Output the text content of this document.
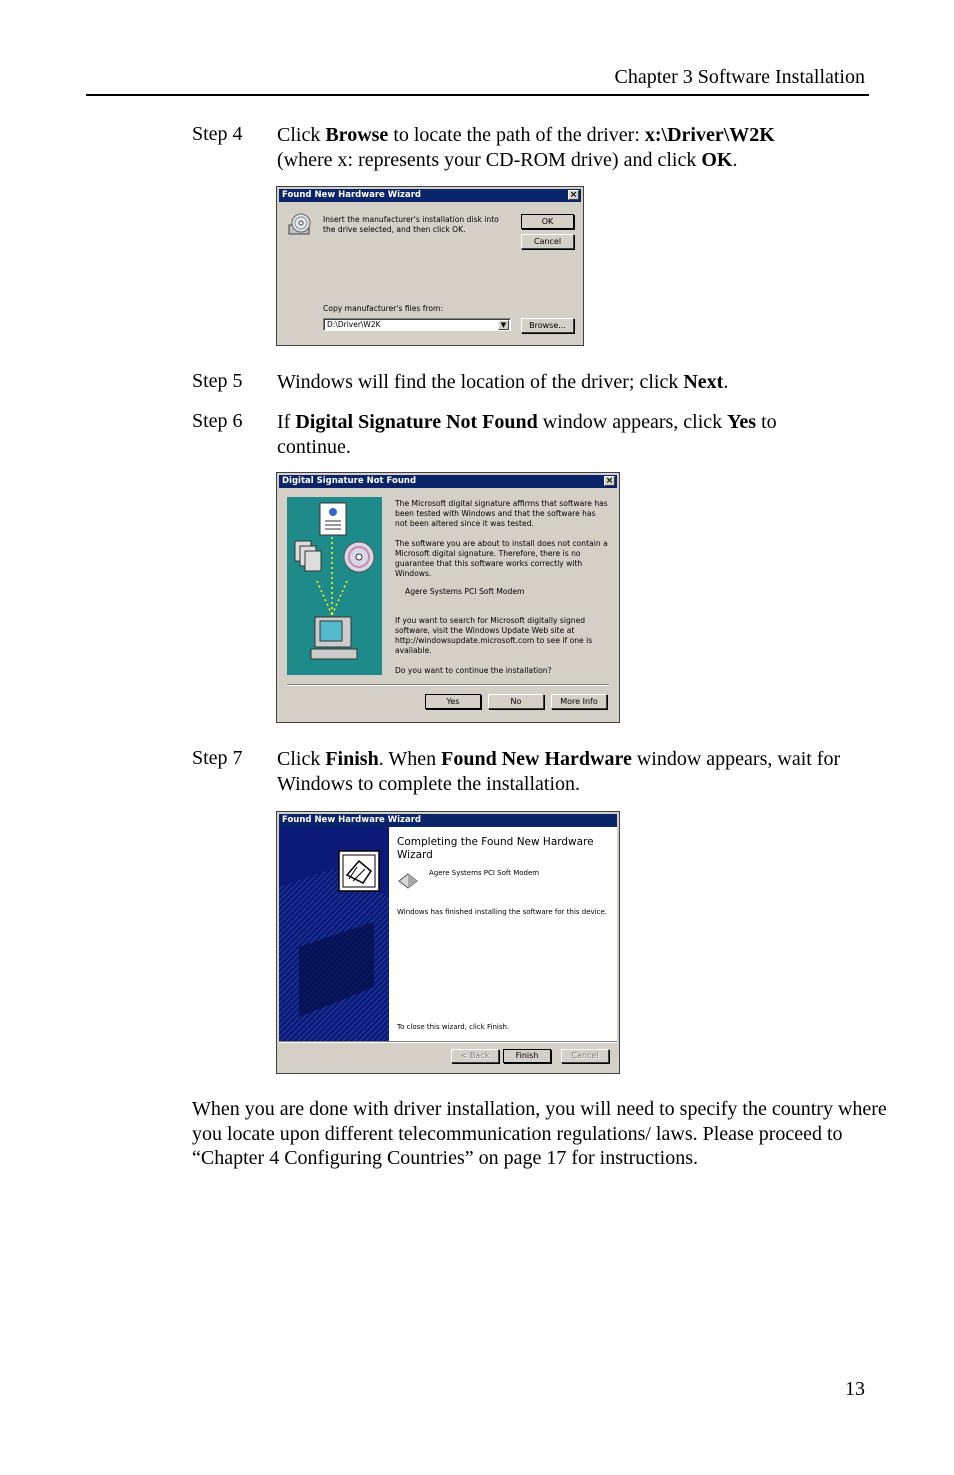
Chapter 3 Software Installation
Step 4 Click Browse to locate the path of the driver: x:\Driver\W2K
(where x: represents your CD-ROM drive) and click OK.
Found New Hardware Wizard	×
Insert the manufacturer's installation disk into the drive selected, and then click OK.
OK
Cancel
Copy manufacturer's files from:
D:\Driver\W2K	▼	Browse...
Step 5 Windows will find the location of the driver; click Next.
Step 6 If Digital Signature Not Found window appears, click Yes to continue.
Digital Signature Not Found	×
The Microsoft digital signature affirms that software has been tested with Windows and that the software has not been altered since it was tested.
The software you are about to install does not contain a Microsoft digital signature. Therefore, there is no guarantee that this software works correctly with Windows.
Agere Systems PCI Soft Modem
If you want to search for Microsoft digitally signed software, visit the Windows Update Web site at http://windowsupdate.microsoft.com to see if one is available.
Do you want to continue the installation?
Yes	No	More Info
Step 7 Click Finish. When Found New Hardware window appears, wait for Windows to complete the installation.
Found New Hardware Wizard
Completing the Found New Hardware Wizard
Agere Systems PCI Soft Modem
Windows has finished installing the software for this device.
To close this wizard, click Finish.
< Back	Finish	Cancel
When you are done with driver installation, you will need to specify the country where you locate upon different telecommunication regulations/ laws. Please proceed to “Chapter 4 Configuring Countries” on page 17 for instructions.
13
